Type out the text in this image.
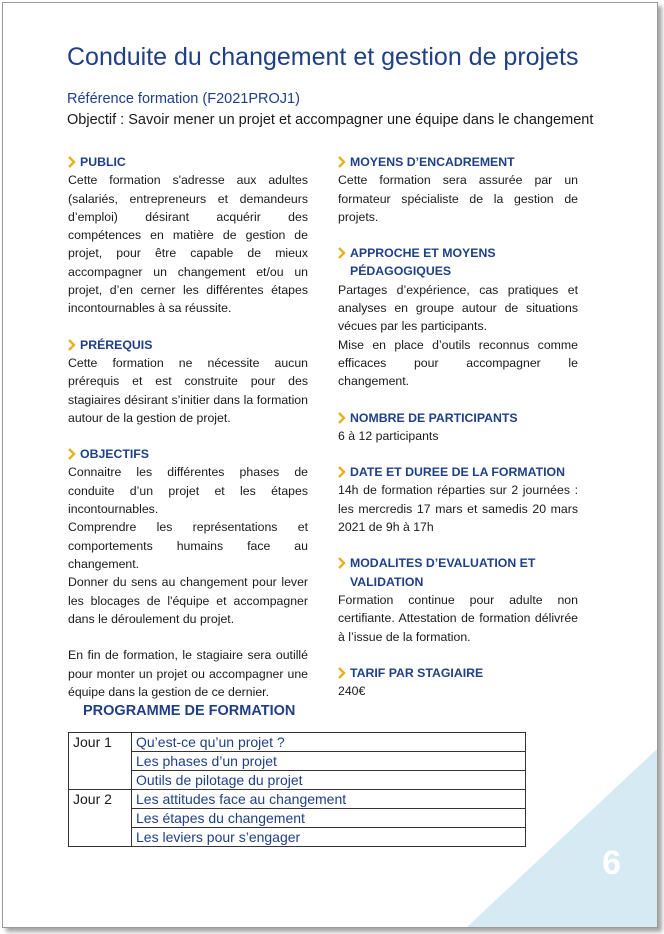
6
Conduite du changement et gestion de projets
Référence formation (F2021PROJ1)
Objectif : Savoir mener un projet et accompagner une équipe dans le changement
PUBLIC

Cette formation s'adresse aux adultes (salariés, entrepreneurs et demandeurs d’emploi) désirant acquérir des compétences en matière de gestion de projet, pour être capable de mieux accompagner un changement et/ou un projet, d’en cerner les différentes étapes incontournables à sa réussite.

PRÉREQUIS

Cette formation ne nécessite aucun prérequis et est construite pour des stagiaires désirant s’initier dans la formation autour de la gestion de projet.

OBJECTIFS

Connaitre les différentes phases de conduite d’un projet et les étapes incontournables.

Comprendre les représentations et comportements humains face au changement.

Donner du sens au changement pour lever les blocages de l'équipe et accompagner dans le déroulement du projet.

En fin de formation, le stagiaire sera outillé pour monter un projet ou accompagner une équipe dans la gestion de ce dernier.

MOYENS D’ENCADREMENT

Cette formation sera assurée par un formateur spécialiste de la gestion de projets.

APPROCHE ET MOYENS PÉDAGOGIQUES

Partages d’expérience, cas pratiques et analyses en groupe autour de situations vécues par les participants.

Mise en place d’outils reconnus comme efficaces pour accompagner le changement.

NOMBRE DE PARTICIPANTS

6 à 12 participants

DATE ET DUREE DE LA FORMATION

14h de formation réparties sur 2 journées : les mercredis 17 mars et samedis 20 mars 2021 de 9h à 17h

MODALITES D’EVALUATION ET VALIDATION

Formation continue pour adulte non certifiante. Attestation de formation délivrée à l’issue de la formation.

TARIF PAR STAGIAIRE

240€

PROGRAMME DE FORMATION
Jour 1	Qu’est-ce qu’un projet ?
	Les phases d’un projet
	Outils de pilotage du projet
Jour 2	Les attitudes face au changement
	Les étapes du changement
	Les leviers pour s’engager
